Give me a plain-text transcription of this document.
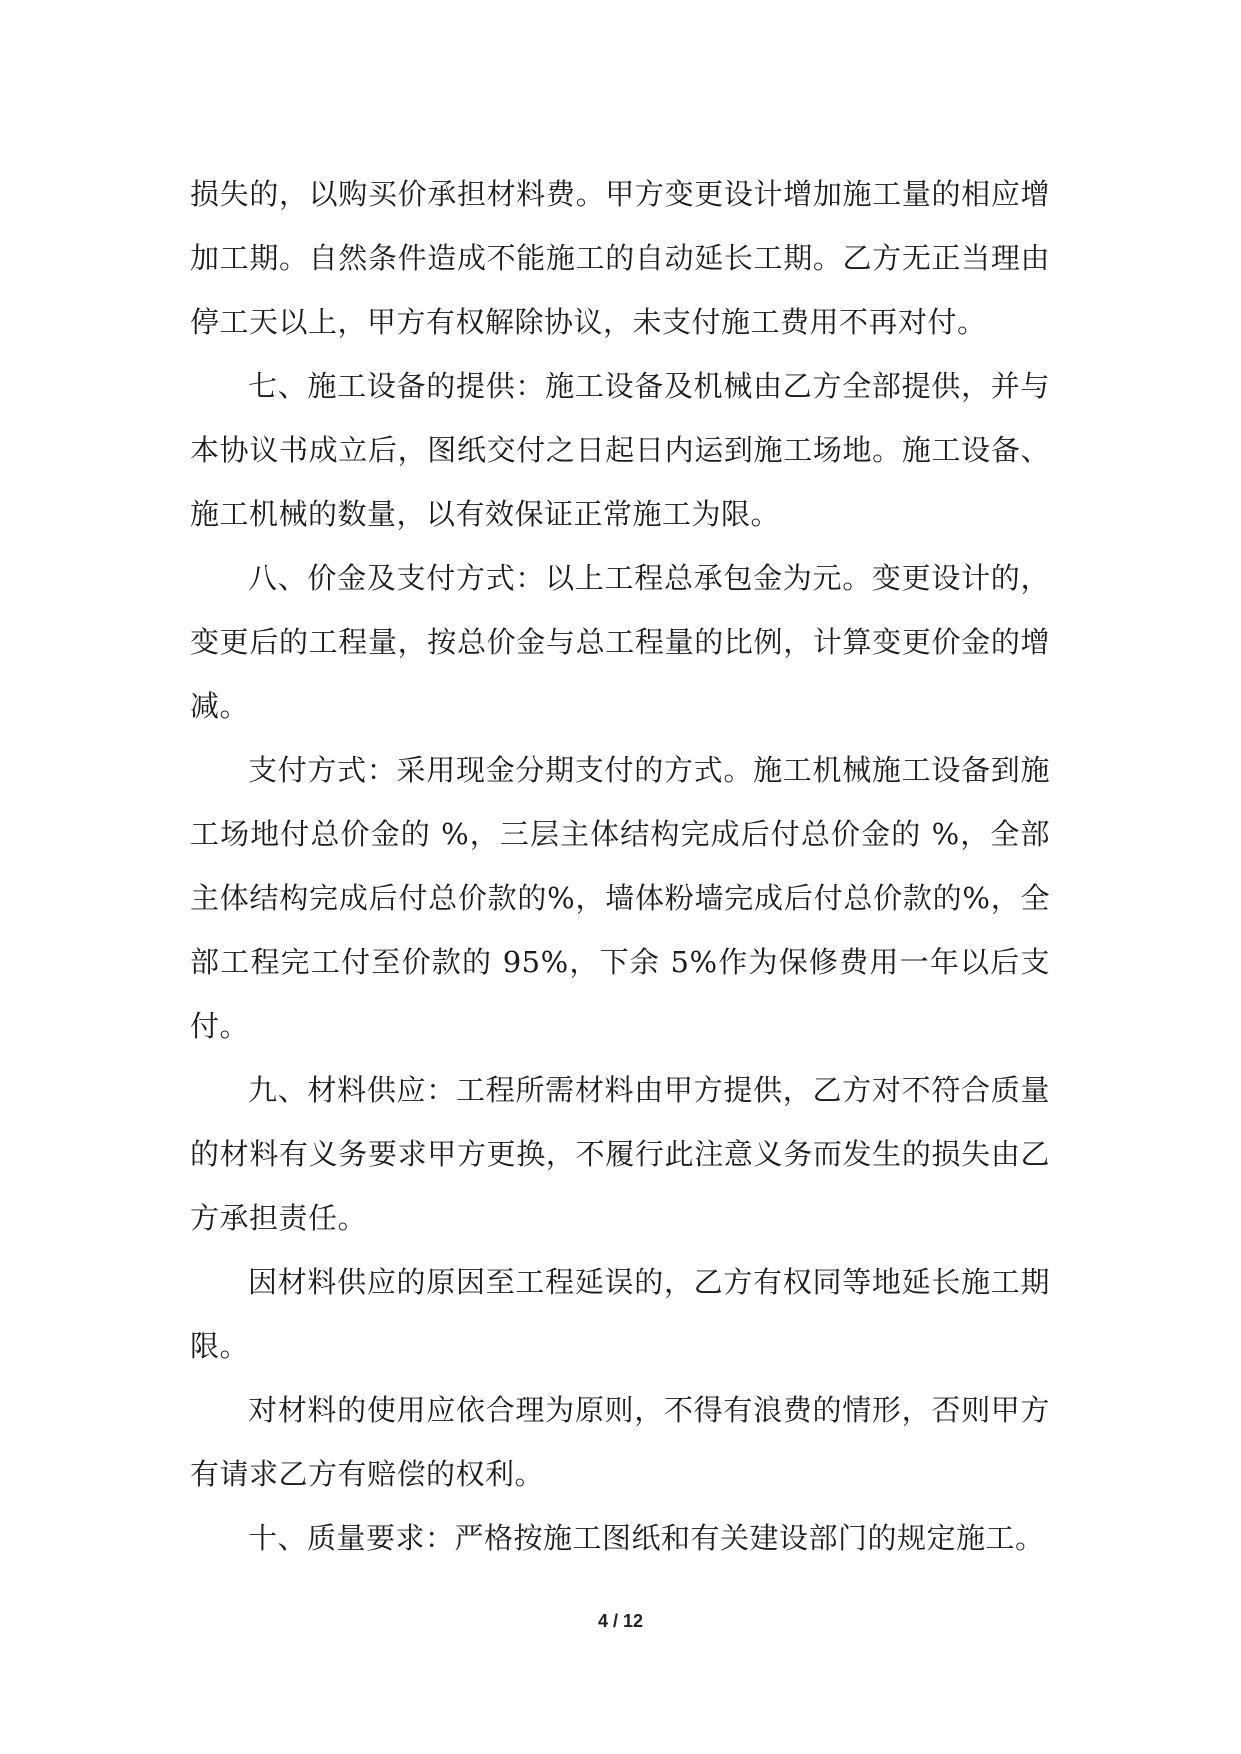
损失的，以购买价承担材料费。甲方变更设计增加施工量的相应增加工期。自然条件造成不能施工的自动延长工期。乙方无正当理由停工天以上，甲方有权解除协议，未支付施工费用不再对付。

七、施工设备的提供：施工设备及机械由乙方全部提供，并与本协议书成立后，图纸交付之日起日内运到施工场地。施工设备、施工机械的数量，以有效保证正常施工为限。

八、价金及支付方式：以上工程总承包金为元。变更设计的，变更后的工程量，按总价金与总工程量的比例，计算变更价金的增减。

支付方式：采用现金分期支付的方式。施工机械施工设备到施工场地付总价金的 %，三层主体结构完成后付总价金的 %，全部主体结构完成后付总价款的%，墙体粉墙完成后付总价款的%，全部工程完工付至价款的 95%，下余 5%作为保修费用一年以后支付。

九、材料供应：工程所需材料由甲方提供，乙方对不符合质量的材料有义务要求甲方更换，不履行此注意义务而发生的损失由乙方承担责任。

因材料供应的原因至工程延误的，乙方有权同等地延长施工期限。

对材料的使用应依合理为原则，不得有浪费的情形，否则甲方有请求乙方有赔偿的权利。

十、质量要求：严格按施工图纸和有关建设部门的规定施工。

4 / 12
